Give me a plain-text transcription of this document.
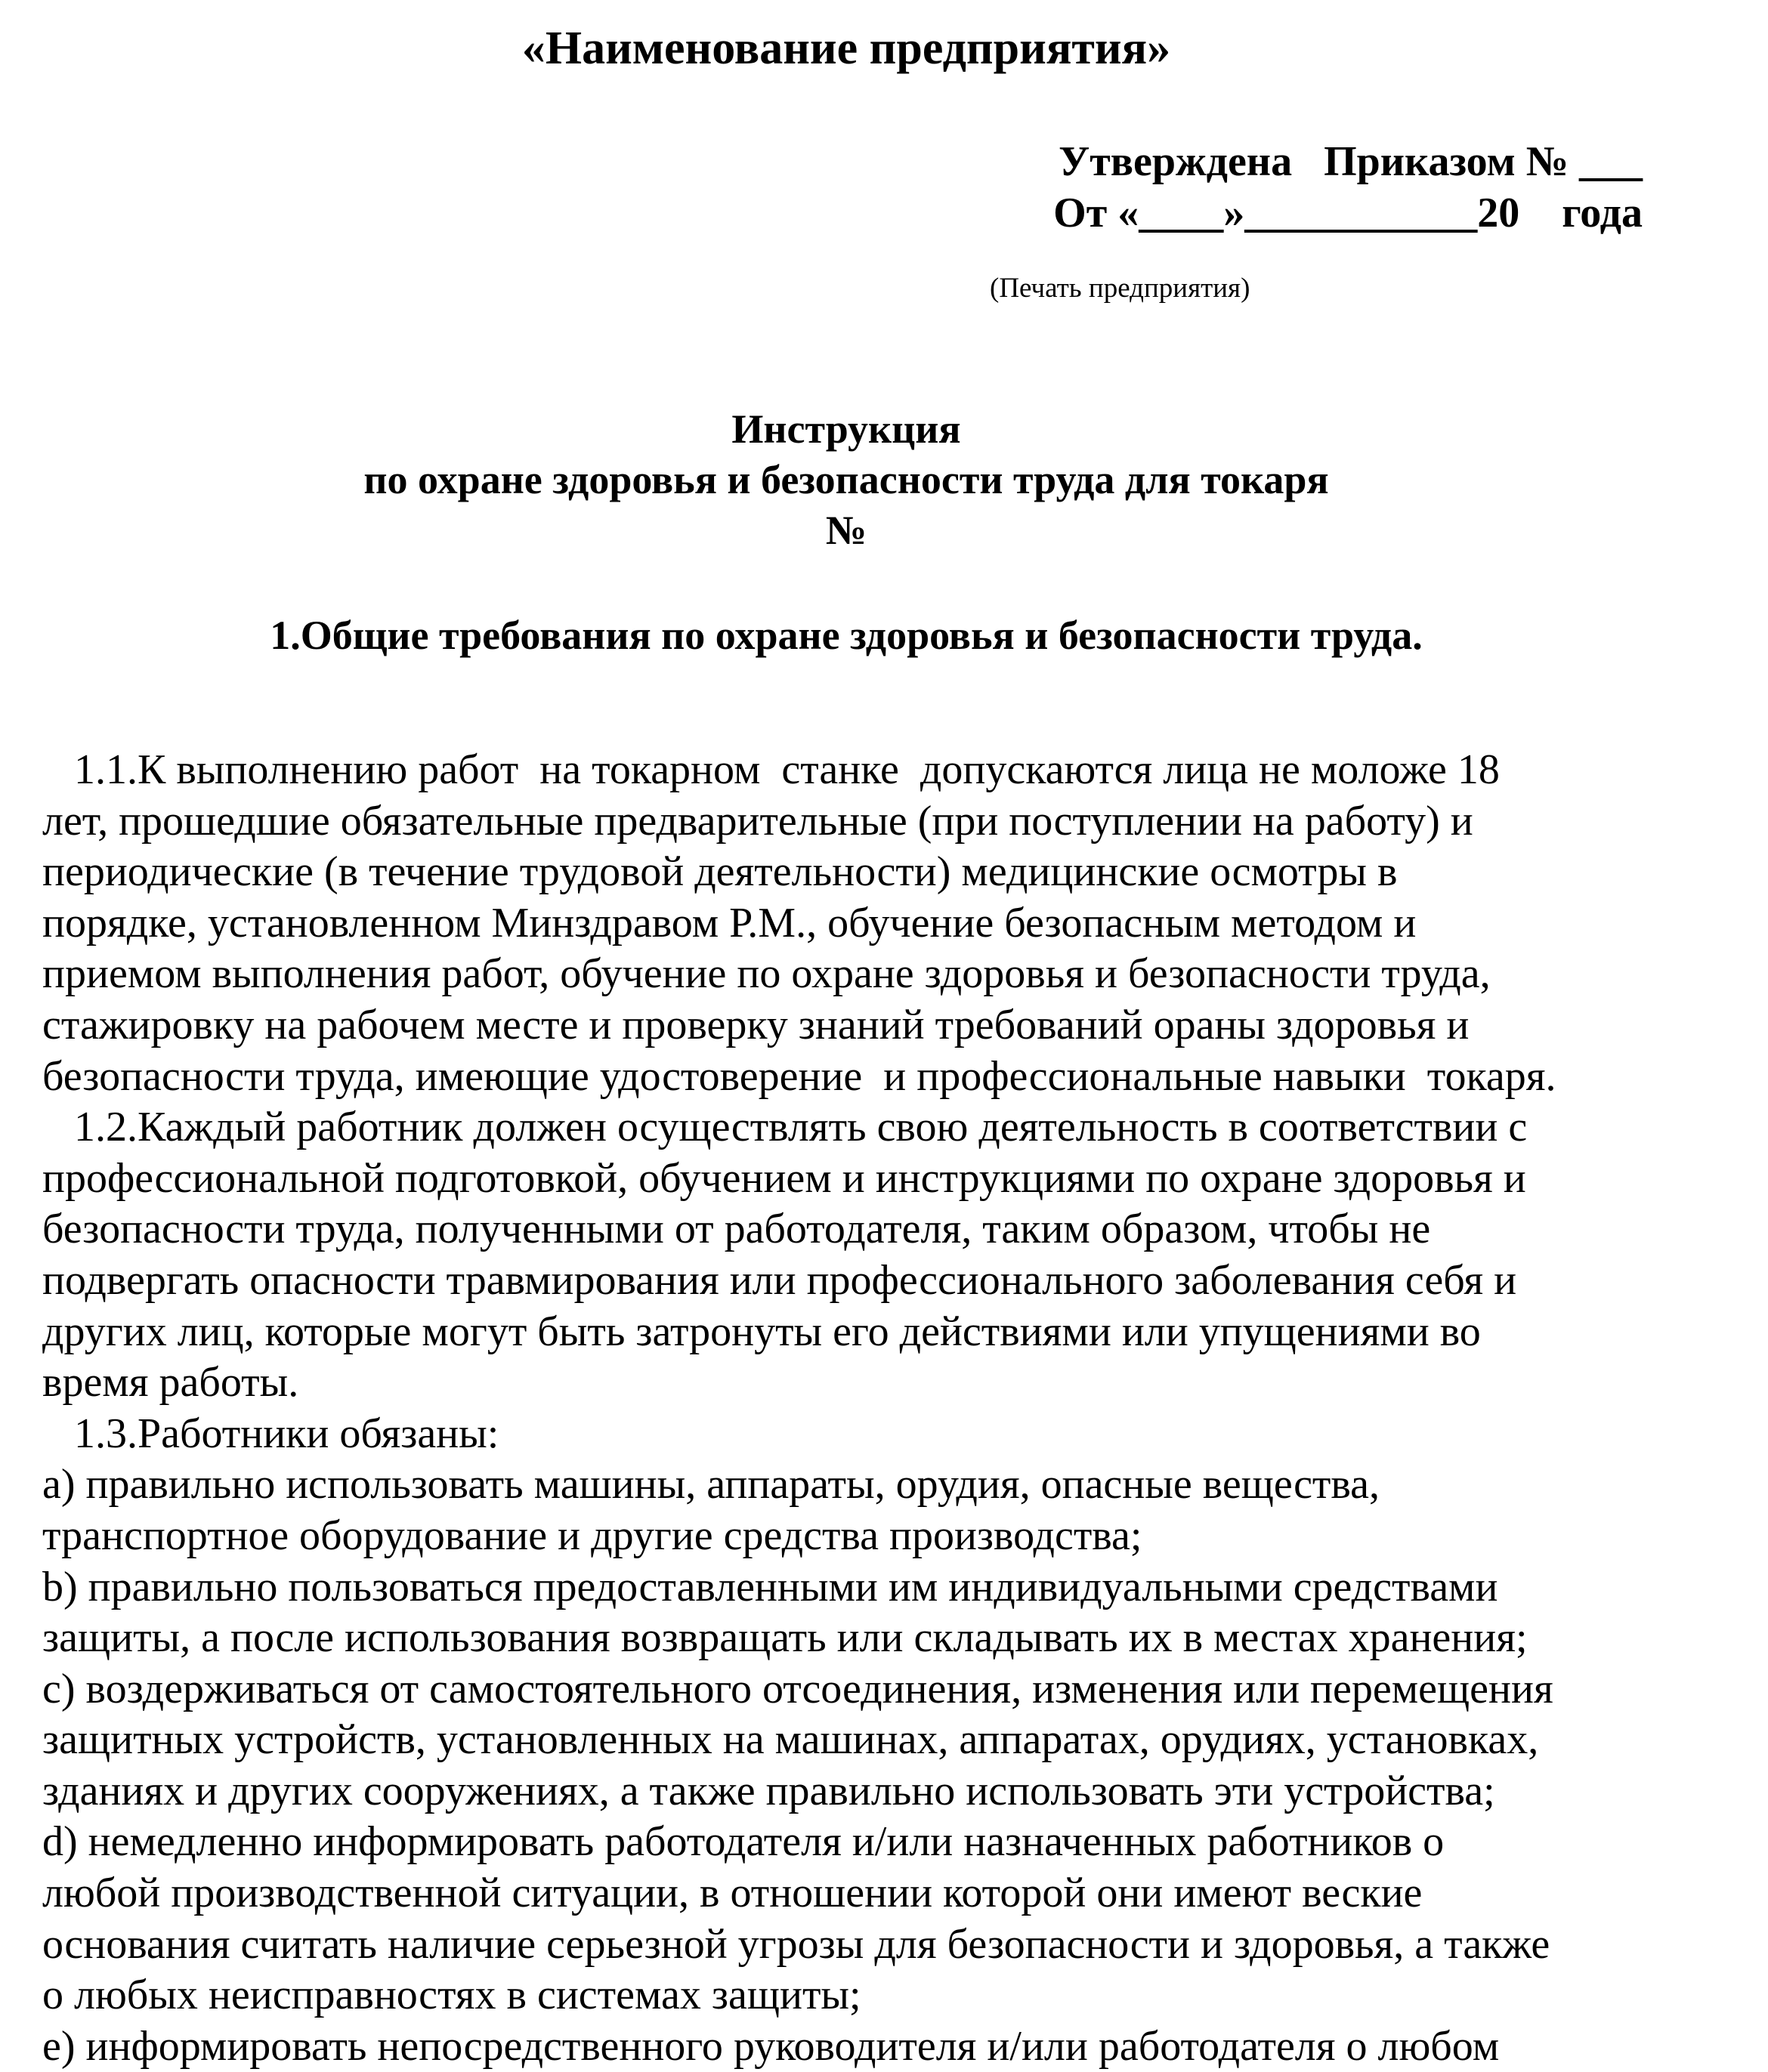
«Наименование предприятия»
Утверждена   Приказом № ___
От «____»___________20    года
(Печать предприятия)
Инструкция
по охране здоровья и безопасности труда для токаря
№
1.Общие требования по охране здоровья и безопасности труда.
1.1.К выполнению работ  на токарном  станке  допускаются лица не моложе 18
лет, прошедшие обязательные предварительные (при поступлении на работу) и
периодические (в течение трудовой деятельности) медицинские осмотры в
порядке, установленном Минздравом Р.М., обучение безопасным методом и
приемом выполнения работ, обучение по охране здоровья и безопасности труда,
стажировку на рабочем месте и проверку знаний требований ораны здоровья и
безопасности труда, имеющие удостоверение  и профессиональные навыки  токаря.
1.2.Каждый работник должен осуществлять свою деятельность в соответствии с
профессиональной подготовкой, обучением и инструкциями по охране здоровья и
безопасности труда, полученными от работодателя, таким образом, чтобы не
подвергать опасности травмирования или профессионального заболевания себя и
других лиц, которые могут быть затронуты его действиями или упущениями во
время работы.
1.3.Работники обязаны:
a) правильно использовать машины, аппараты, орудия, опасные вещества,
транспортное оборудование и другие средства производства;
b) правильно пользоваться предоставленными им индивидуальными средствами
защиты, а после использования возвращать или складывать их в местах хранения;
c) воздерживаться от самостоятельного отсоединения, изменения или перемещения
защитных устройств, установленных на машинах, аппаратах, орудиях, установках,
зданиях и других сооружениях, а также правильно использовать эти устройства;
d) немедленно информировать работодателя и/или назначенных работников о
любой производственной ситуации, в отношении которой они имеют веские
основания считать наличие серьезной угрозы для безопасности и здоровья, а также
о любых неисправностях в системах защиты;
e) информировать непосредственного руководителя и/или работодателя о любом
